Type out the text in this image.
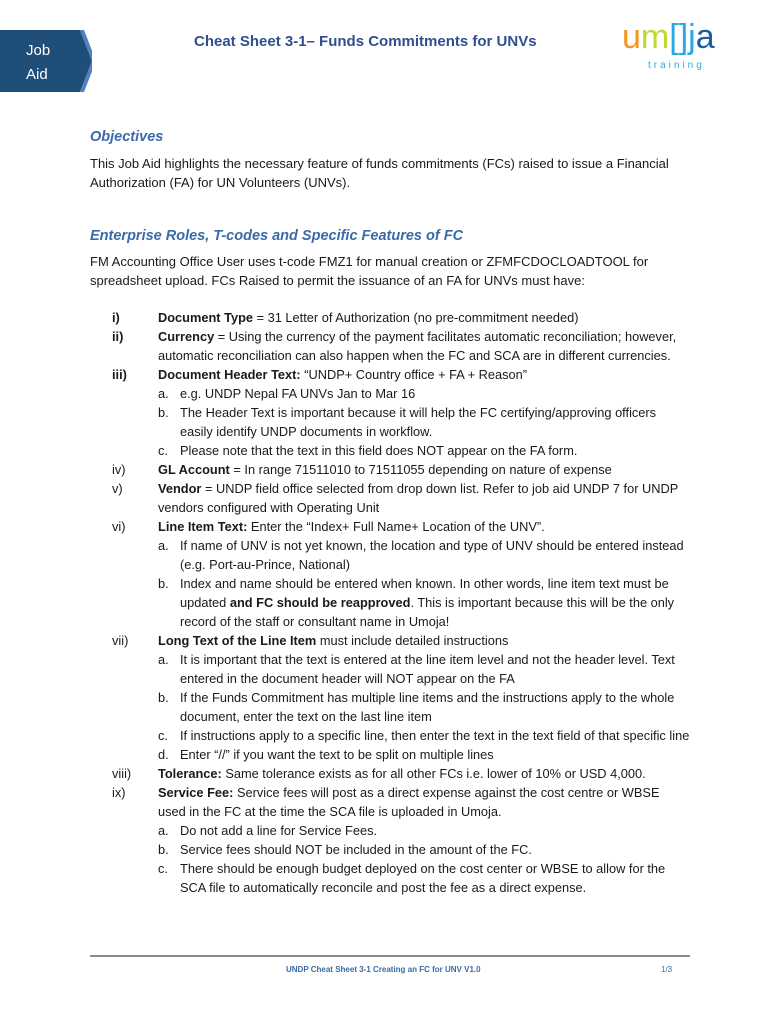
Job
Aid
Cheat Sheet 3-1– Funds Commitments for UNVs	um[]ja
training
Objectives

This Job Aid highlights the necessary feature of funds commitments (FCs) raised to issue a Financial Authorization (FA) for UN Volunteers (UNVs).

Enterprise Roles, T-codes and Specific Features of FC

FM Accounting Office User uses t-code FMZ1 for manual creation or ZFMFCDOCLOADTOOL for spreadsheet upload. FCs Raised to permit the issuance of an FA for UNVs must have:

i)	Document Type = 31 Letter of Authorization (no pre-commitment needed)
ii)	Currency = Using the currency of the payment facilitates automatic reconciliation; however, automatic reconciliation can also happen when the FC and SCA are in different currencies.
iii) Document Header Text: “UNDP+ Country office + FA + Reason”
a. e.g. UNDP Nepal FA UNVs Jan to Mar 16
b. The Header Text is important because it will help the FC certifying/approving officers easily identify UNDP documents in workflow.
c. Please note that the text in this field does NOT appear on the FA form.
iv)	GL Account = In range 71511010 to 71511055 depending on nature of expense
v)	Vendor = UNDP field office selected from drop down list. Refer to job aid UNDP 7 for UNDP vendors configured with Operating Unit
vi)	Line Item Text: Enter the “Index+ Full Name+ Location of the UNV”.
a. If name of UNV is not yet known, the location and type of UNV should be entered instead (e.g. Port-au-Prince, National)
b. Index and name should be entered when known. In other words, line item text must be updated and FC should be reapproved. This is important because this will be the only record of the staff or consultant name in Umoja!
vii) Long Text of the Line Item must include detailed instructions
a. It is important that the text is entered at the line item level and not the header level. Text entered in the document header will NOT appear on the FA
b. If the Funds Commitment has multiple line items and the instructions apply to the whole document, enter the text on the last line item
c. If instructions apply to a specific line, then enter the text in the text field of that specific line
d. Enter “//” if you want the text to be split on multiple lines
viii) Tolerance: Same tolerance exists as for all other FCs i.e. lower of 10% or USD 4,000.
ix)	Service Fee: Service fees will post as a direct expense against the cost centre or WBSE used in the FC at the time the SCA file is uploaded in Umoja.
a. Do not add a line for Service Fees.
b. Service fees should NOT be included in the amount of the FC.
c. There should be enough budget deployed on the cost center or WBSE to allow for the SCA file to automatically reconcile and post the fee as a direct expense.
UNDP Cheat Sheet 3-1 Creating an FC for UNV V1.0	1/3
